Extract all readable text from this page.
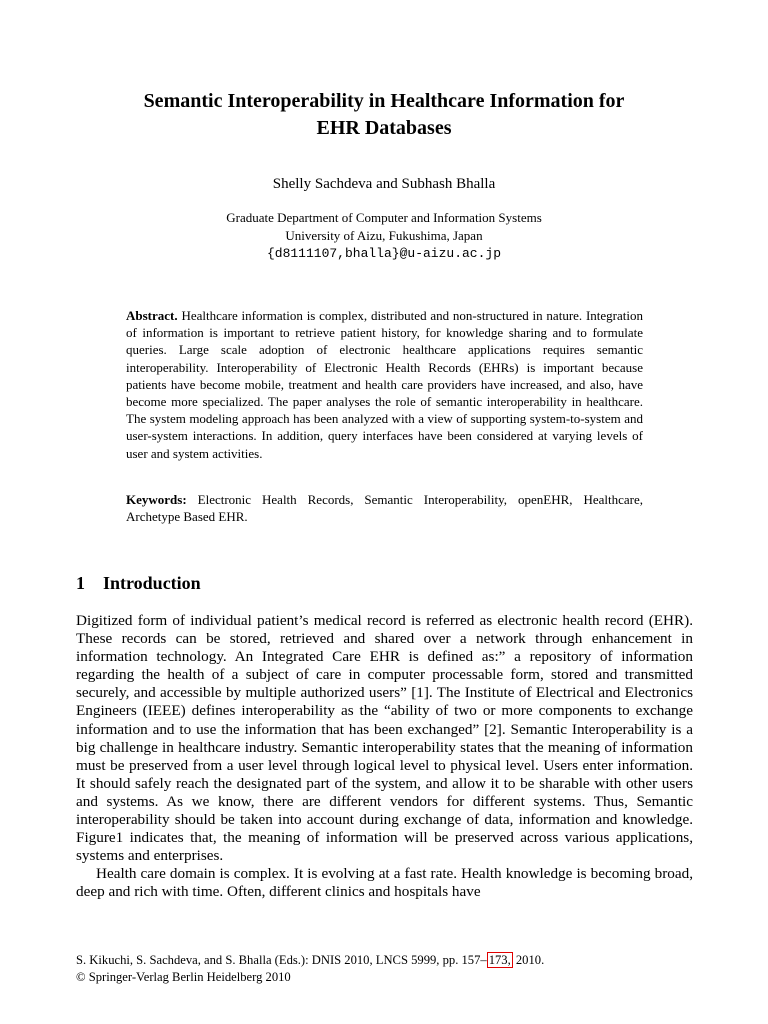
Semantic Interoperability in Healthcare Information for
EHR Databases
Shelly Sachdeva and Subhash Bhalla
Graduate Department of Computer and Information Systems
University of Aizu, Fukushima, Japan
{d8111107,bhalla}@u-aizu.ac.jp
Abstract. Healthcare information is complex, distributed and non-structured in nature. Integration of information is important to retrieve patient history, for knowledge sharing and to formulate queries. Large scale adoption of electronic healthcare applications requires semantic interoperability. Interoperability of Electronic Health Records (EHRs) is important because patients have become mobile, treatment and health care providers have increased, and also, have become more specialized. The paper analyses the role of semantic interoperability in healthcare. The system modeling approach has been analyzed with a view of supporting system-to-system and user-system interactions. In addition, query interfaces have been considered at varying levels of user and system activities.
Keywords: Electronic Health Records, Semantic Interoperability, openEHR, Healthcare, Archetype Based EHR.
1 Introduction

Digitized form of individual patient’s medical record is referred as electronic health record (EHR). These records can be stored, retrieved and shared over a network through enhancement in information technology. An Integrated Care EHR is defined as:” a repository of information regarding the health of a subject of care in computer processable form, stored and transmitted securely, and accessible by multiple authorized users” [1]. The Institute of Electrical and Electronics Engineers (IEEE) defines interoperability as the “ability of two or more components to exchange information and to use the information that has been exchanged” [2]. Semantic Interoperability is a big challenge in healthcare industry. Semantic interoperability states that the meaning of information must be preserved from a user level through logical level to physical level. Users enter information. It should safely reach the designated part of the system, and allow it to be sharable with other users and systems. As we know, there are different vendors for different systems. Thus, Semantic interoperability should be taken into account during exchange of data, information and knowledge. Figure1 indicates that, the meaning of information will be preserved across various applications, systems and enterprises.

Health care domain is complex. It is evolving at a fast rate. Health knowledge is becoming broad, deep and rich with time. Often, different clinics and hospitals have

S. Kikuchi, S. Sachdeva, and S. Bhalla (Eds.): DNIS 2010, LNCS 5999, pp. 157– 173, 2010.
© Springer-Verlag Berlin Heidelberg 2010
